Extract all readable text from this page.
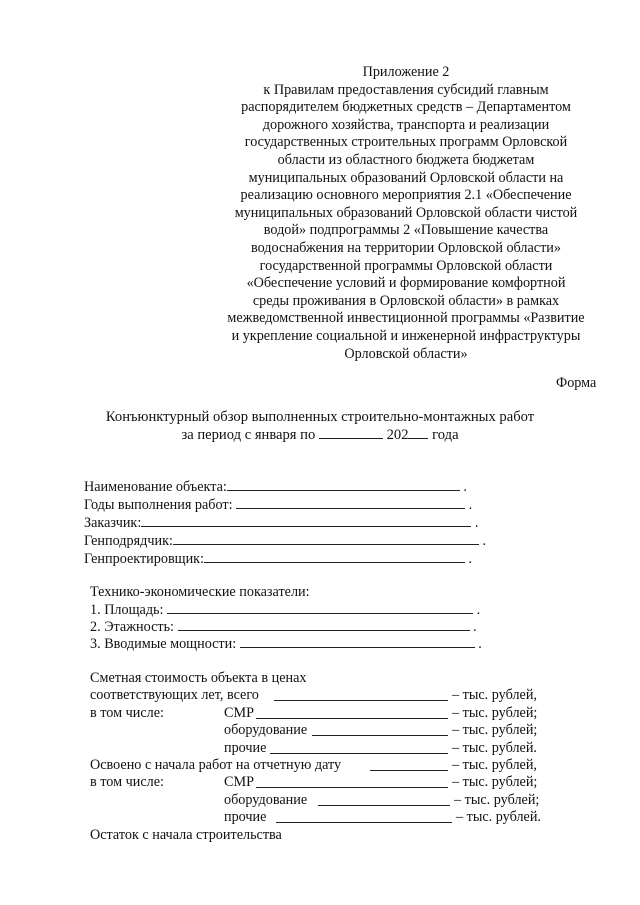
Приложение 2
к Правилам предоставления субсидий главным
распорядителем бюджетных средств – Департаментом
дорожного хозяйства, транспорта и реализации
государственных строительных программ Орловской
области из областного бюджета бюджетам
муниципальных образований Орловской области на
реализацию основного мероприятия 2.1 «Обеспечение
муниципальных образований Орловской области чистой
водой» подпрограммы 2 «Повышение качества
водоснабжения на территории Орловской области»
государственной программы Орловской области
«Обеспечение условий и формирование комфортной
среды проживания в Орловской области» в рамках
межведомственной инвестиционной программы «Развитие
и укрепление социальной и инженерной инфраструктуры
Орловской области»
Форма
Конъюнктурный обзор выполненных строительно-монтажных работ
за период с января по	202 года
Наименование объекта:	.
Годы выполнения работ:	.
Заказчик:	.
Генподрядчик:	.
Генпроектировщик:	.
Технико-экономические показатели:
1. Площадь:	.
2. Этажность:	.
3. Вводимые мощности:	.
Сметная стоимость объекта в ценах
соответствующих лет, всего	– тыс. рублей,
в том числе:	СМР	– тыс. рублей;
оборудование	– тыс. рублей;
прочие	– тыс. рублей.
Освоено с начала работ на отчетную дату	– тыс. рублей,
в том числе:	СМР	– тыс. рублей;
оборудование	– тыс. рублей;
прочие	– тыс. рублей.
Остаток с начала строительства
